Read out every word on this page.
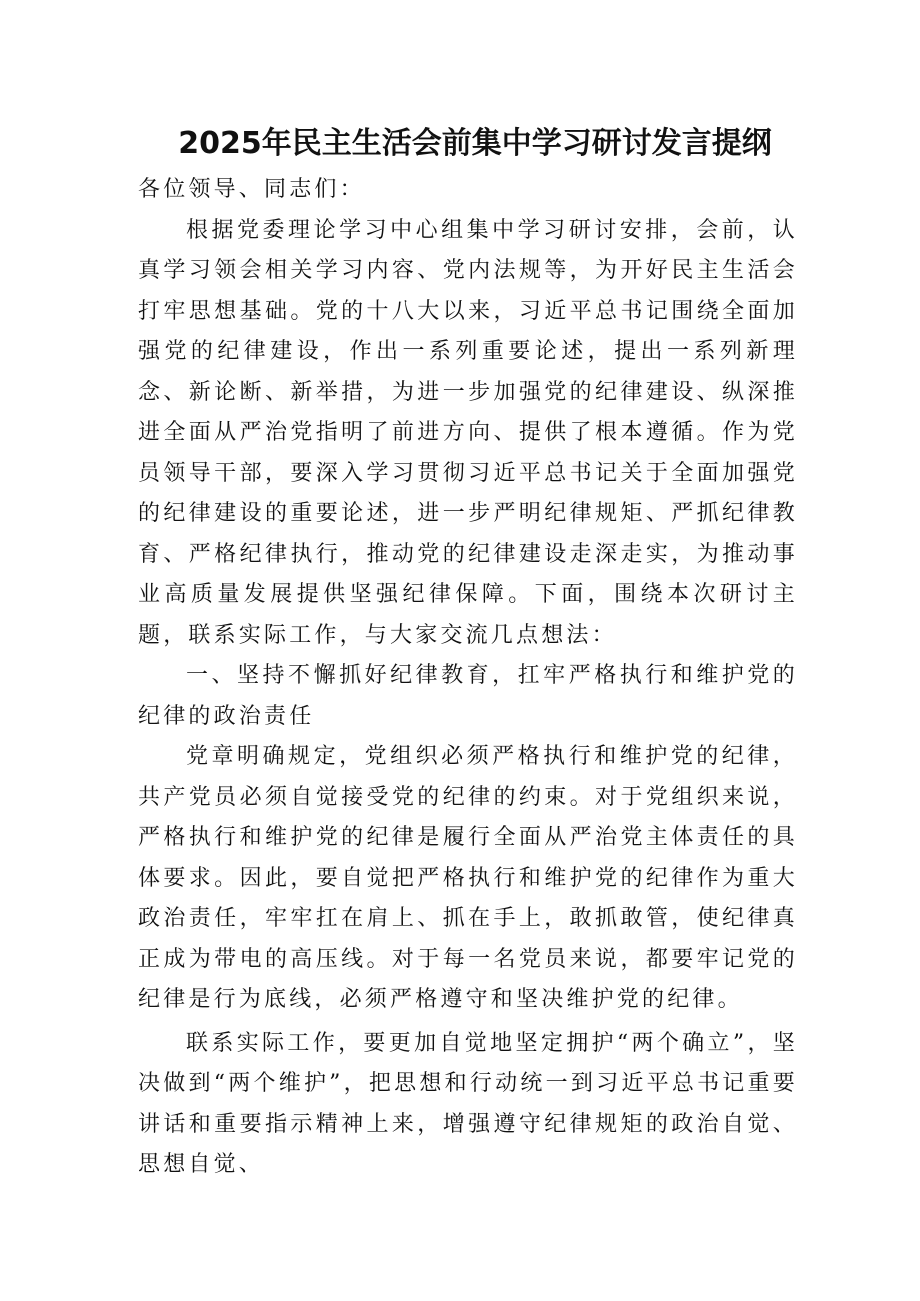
2025年民主生活会前集中学习研讨发言提纲

各位领导、同志们：

根据党委理论学习中心组集中学习研讨安排，会前，认真学习领会相关学习内容、党内法规等，为开好民主生活会打牢思想基础。党的十八大以来，习近平总书记围绕全面加强党的纪律建设，作出一系列重要论述，提出一系列新理念、新论断、新举措，为进一步加强党的纪律建设、纵深推进全面从严治党指明了前进方向、提供了根本遵循。作为党员领导干部，要深入学习贯彻习近平总书记关于全面加强党的纪律建设的重要论述，进一步严明纪律规矩、严抓纪律教育、严格纪律执行，推动党的纪律建设走深走实，为推动事业高质量发展提供坚强纪律保障。下面，围绕本次研讨主题，联系实际工作，与大家交流几点想法：

一、坚持不懈抓好纪律教育，扛牢严格执行和维护党的纪律的政治责任

党章明确规定，党组织必须严格执行和维护党的纪律，共产党员必须自觉接受党的纪律的约束。对于党组织来说，严格执行和维护党的纪律是履行全面从严治党主体责任的具体要求。因此，要自觉把严格执行和维护党的纪律作为重大政治责任，牢牢扛在肩上、抓在手上，敢抓敢管，使纪律真正成为带电的高压线。对于每一名党员来说，都要牢记党的纪律是行为底线，必须严格遵守和坚决维护党的纪律。

联系实际工作，要更加自觉地坚定拥护“两个确立”，坚决做到“两个维护”，把思想和行动统一到习近平总书记重要讲话和重要指示精神上来，增强遵守纪律规矩的政治自觉、思想自觉、
